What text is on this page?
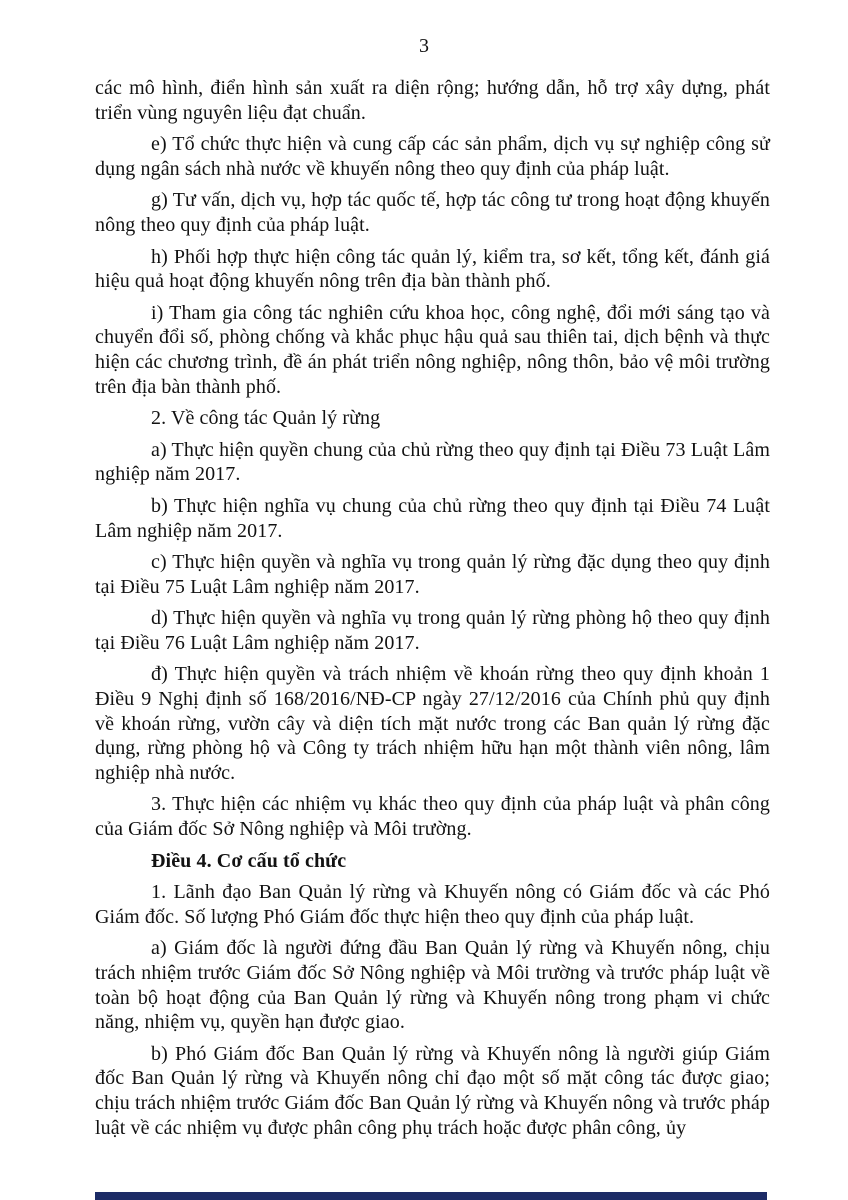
3

các mô hình, điển hình sản xuất ra diện rộng; hướng dẫn, hỗ trợ xây dựng, phát triển vùng nguyên liệu đạt chuẩn.

e) Tổ chức thực hiện và cung cấp các sản phẩm, dịch vụ sự nghiệp công sử dụng ngân sách nhà nước về khuyến nông theo quy định của pháp luật.

g) Tư vấn, dịch vụ, hợp tác quốc tế, hợp tác công tư trong hoạt động khuyến nông theo quy định của pháp luật.

h) Phối hợp thực hiện công tác quản lý, kiểm tra, sơ kết, tổng kết, đánh giá hiệu quả hoạt động khuyến nông trên địa bàn thành phố.

i) Tham gia công tác nghiên cứu khoa học, công nghệ, đổi mới sáng tạo và chuyển đổi số, phòng chống và khắc phục hậu quả sau thiên tai, dịch bệnh và thực hiện các chương trình, đề án phát triển nông nghiệp, nông thôn, bảo vệ môi trường trên địa bàn thành phố.

2. Về công tác Quản lý rừng

a) Thực hiện quyền chung của chủ rừng theo quy định tại Điều 73 Luật Lâm nghiệp năm 2017.

b) Thực hiện nghĩa vụ chung của chủ rừng theo quy định tại Điều 74 Luật Lâm nghiệp năm 2017.

c) Thực hiện quyền và nghĩa vụ trong quản lý rừng đặc dụng theo quy định tại Điều 75 Luật Lâm nghiệp năm 2017.

d) Thực hiện quyền và nghĩa vụ trong quản lý rừng phòng hộ theo quy định tại Điều 76 Luật Lâm nghiệp năm 2017.

đ) Thực hiện quyền và trách nhiệm về khoán rừng theo quy định khoản 1 Điều 9 Nghị định số 168/2016/NĐ-CP ngày 27/12/2016 của Chính phủ quy định về khoán rừng, vườn cây và diện tích mặt nước trong các Ban quản lý rừng đặc dụng, rừng phòng hộ và Công ty trách nhiệm hữu hạn một thành viên nông, lâm nghiệp nhà nước.

3. Thực hiện các nhiệm vụ khác theo quy định của pháp luật và phân công của Giám đốc Sở Nông nghiệp và Môi trường.

Điều 4. Cơ cấu tổ chức

1. Lãnh đạo Ban Quản lý rừng và Khuyến nông có Giám đốc và các Phó Giám đốc. Số lượng Phó Giám đốc thực hiện theo quy định của pháp luật.

a) Giám đốc là người đứng đầu Ban Quản lý rừng và Khuyến nông, chịu trách nhiệm trước Giám đốc Sở Nông nghiệp và Môi trường và trước pháp luật về toàn bộ hoạt động của Ban Quản lý rừng và Khuyến nông trong phạm vi chức năng, nhiệm vụ, quyền hạn được giao.

b) Phó Giám đốc Ban Quản lý rừng và Khuyến nông là người giúp Giám đốc Ban Quản lý rừng và Khuyến nông chỉ đạo một số mặt công tác được giao; chịu trách nhiệm trước Giám đốc Ban Quản lý rừng và Khuyến nông và trước pháp luật về các nhiệm vụ được phân công phụ trách hoặc được phân công, ủy
